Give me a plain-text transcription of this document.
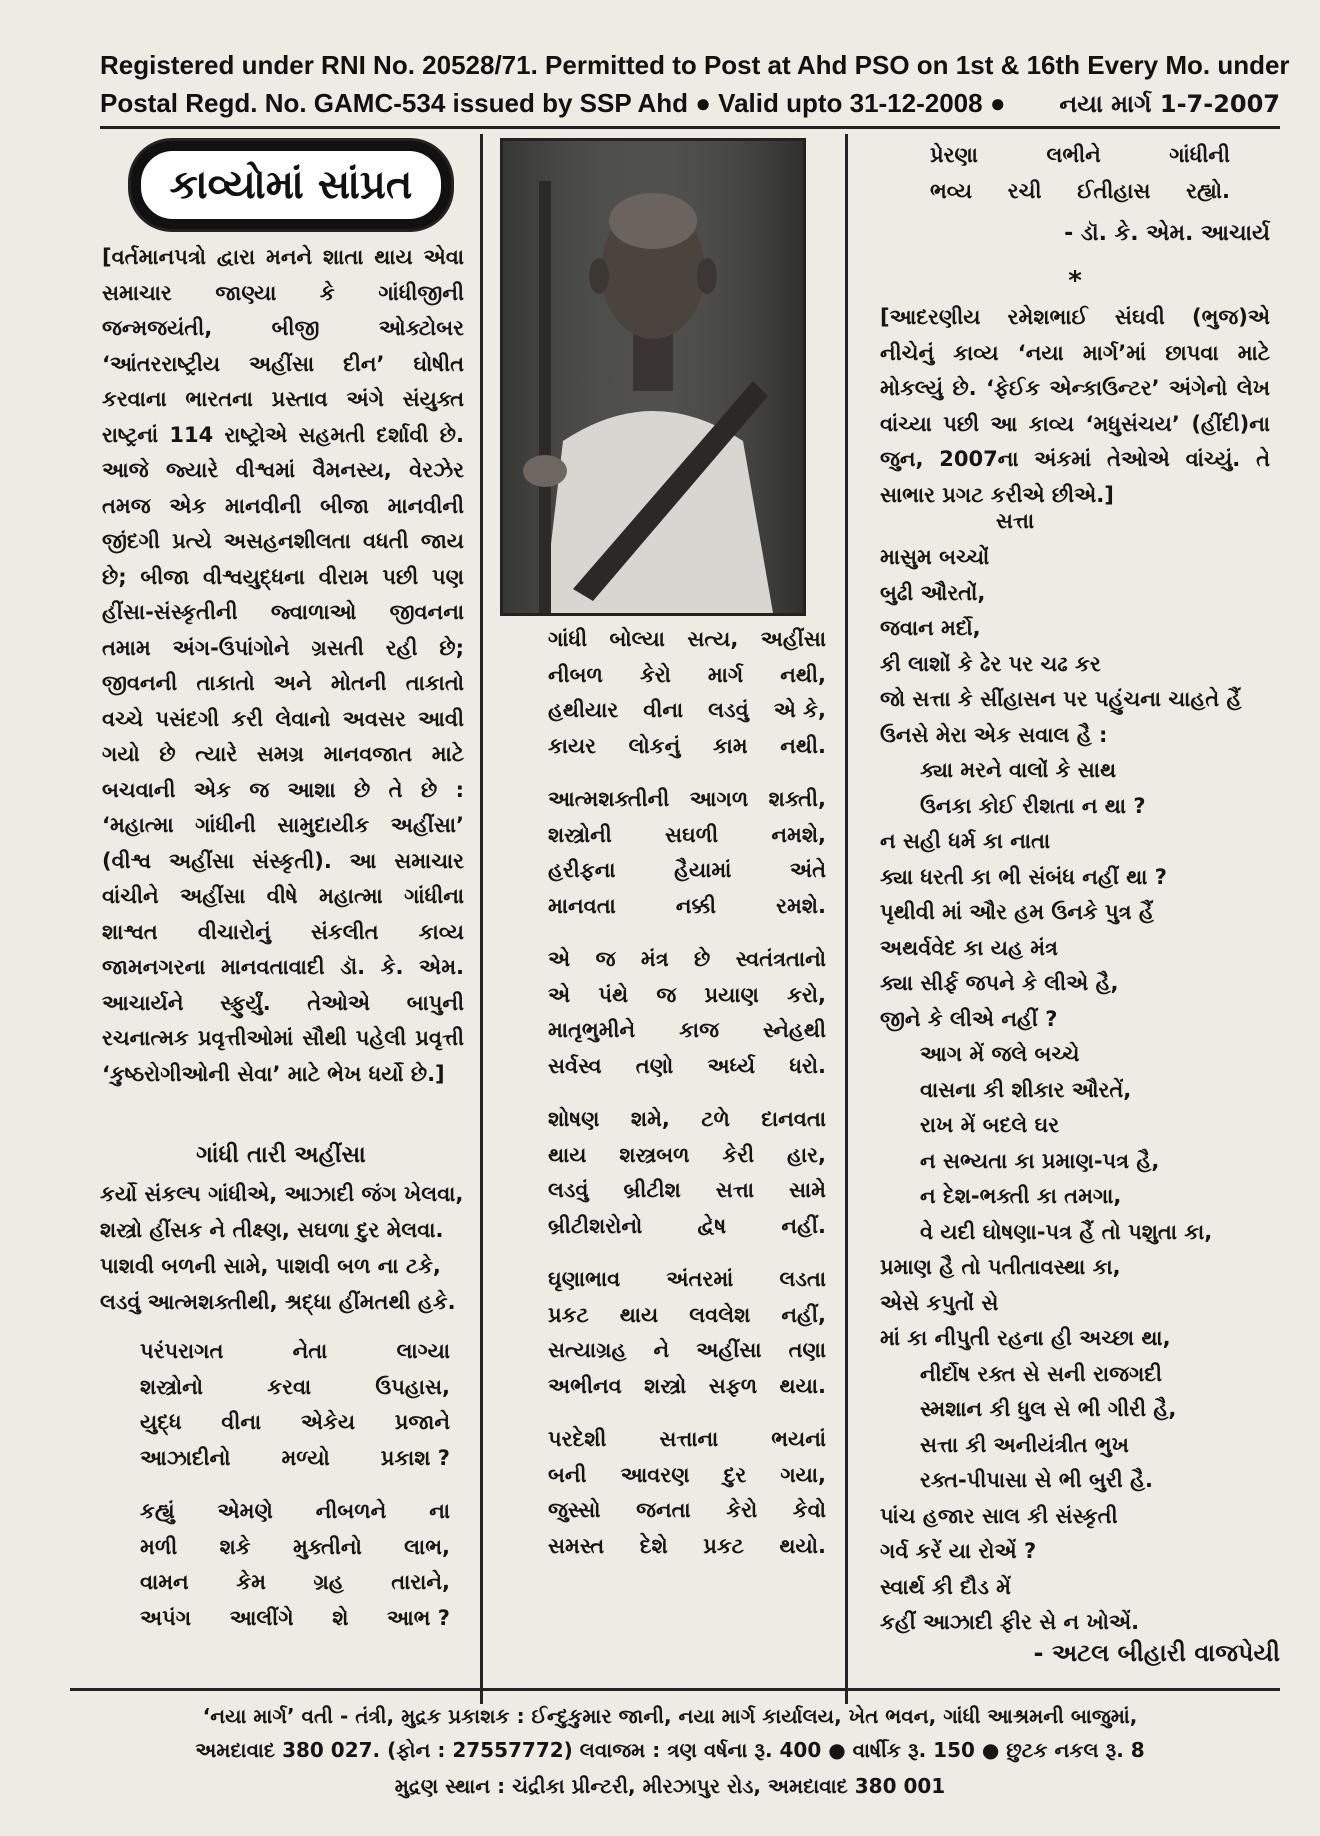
Registered under RNI No. 20528/71. Permitted to Post at Ahd PSO on 1st & 16th Every Mo. under
Postal Regd. No. GAMC-534 issued by SSP Ahd ● Valid upto 31-12-2008 ● નયા માર્ગ 1-7-2007
કાવ્યોમાં સાંપ્રત

[વર્તમાનપત્રો દ્વારા મનને શાતા થાય એવા સમાચાર જાણ્યા કે ગાંધીજીની જન્મજયંતી, બીજી ઓક્ટોબર ‘આંતરરાષ્ટ્રીય અહીંસા દીન’ ઘોષીત કરવાના ભારતના પ્રસ્તાવ અંગે સંયુક્ત રાષ્ટ્રનાં 114 રાષ્ટ્રોએ સહમતી દર્શાવી છે. આજે જ્યારે વીશ્વમાં વૈમનસ્ય, વેરઝેર તમજ એક માનવીની બીજા માનવીની જીંદગી પ્રત્યે અસહનશીલતા વધતી જાય છે; બીજા વીશ્વયુદ્ધના વીરામ પછી પણ હીંસા-સંસ્કૃતીની જ્વાળાઓ જીવનના તમામ અંગ-ઉપાંગોને ગ્રસતી રહી છે; જીવનની તાકાતો અને મોતની તાકાતો વચ્ચે પસંદગી કરી લેવાનો અવસર આવી ગયો છે ત્યારે સમગ્ર માનવજાત માટે બચવાની એક જ આશા છે તે છે : ‘મહાત્મા ગાંધીની સામુદાયીક અહીંસા’ (વીશ્વ અહીંસા સંસ્કૃતી). આ સમાચાર વાંચીને અહીંસા વીષે મહાત્મા ગાંધીના શાશ્વત વીચારોનું સંકલીત કાવ્ય જામનગરના માનવતાવાદી ડૉ. કે. એમ. આચાર્યને સ્ફુર્યું. તેઓએ બાપુની રચનાત્મક પ્રવૃત્તીઓમાં સૌથી પહેલી પ્રવૃત્તી ‘કુષ્ઠરોગીઓની સેવા’ માટે ભેખ ધર્યો છે.]

ગાંધી તારી અહીંસા
કર્યો સંકલ્પ ગાંધીએ, આઝાદી જંગ ખેલવા,
શસ્ત્રો હીંસક ને તીક્ષ્ણ, સઘળા દુર મેલવા.
પાશવી બળની સામે, પાશવી બળ ના ટકે,
લડવું આત્મશક્તીથી, શ્રદ્ધા હીંમતથી હકે.
પરંપરાગત	નેતા	લાગ્યા
શસ્ત્રોનો	કરવા	ઉપહાસ,
યુદ્ધ વીના એકેય પ્રજાને
આઝાદીનો મળ્યો પ્રકાશ ?
કહ્યું એમણે નીબળને ના
મળી શકે મુક્તીનો લાભ,
વામન કેમ ગ્રહ તારાને,
અપંગ આલીંગે શે આભ ?
ગાંધી બોલ્યા સત્ય, અહીંસા
નીબળ કેરો માર્ગ નથી,
હથીયાર વીના લડવું એ કે,
કાયર લોકનું કામ નથી.
આત્મશક્તીની આગળ શક્તી,
શસ્ત્રોની	સઘળી	નમશે,
હરીફના	હૈયામાં	અંતે
માનવતા	નક્કી	રમશે.
એ જ મંત્ર છે સ્વતંત્રતાનો
એ પંથે જ પ્રયાણ કરો,
માતૃભુમીને કાજ સ્નેહથી
સર્વસ્વ તણો અર્ધ્ય ધરો.
શોષણ શમે, ટળે દાનવતા
થાય શસ્ત્રબળ કેરી હાર,
લડવું બ્રીટીશ સત્તા સામે
બ્રીટીશરોનો	દ્વેષ	નહીં.
ઘૃણાભાવ અંતરમાં લડતા
પ્રકટ થાય લવલેશ નહીં,
સત્યાગ્રહ ને અહીંસા તણા
અભીનવ શસ્ત્રો સફળ થયા.
પરદેશી	સત્તાના	ભયનાં
બની આવરણ દુર ગયા,
જુસ્સો જનતા કેરો કેવો
સમસ્ત દેશે પ્રકટ થયો.
પ્રેરણા	લભીને	ગાંધીની
ભવ્ય રચી ઈતીહાસ રહ્યો.
- ડૉ. કે. એમ. આચાર્ય
*
[આદરણીય રમેશભાઈ સંઘવી (ભુજ)એ નીચેનું કાવ્ય ‘નયા માર્ગ’માં છાપવા માટે મોકલ્યું છે. ‘ફેઈક એન્કાઉન્ટર’ અંગેનો લેખ વાંચ્યા પછી આ કાવ્ય ‘મધુસંચય’ (હીંદી)ના જુન, 2007ના અંકમાં તેઓએ વાંચ્યું. તે સાભાર પ્રગટ કરીએ છીએ.]
સત્તા
માસુમ બચ્ચોં
બુઢી ઔરતોં,
જવાન મર્દો,
કી લાશોં કે ઢેર પર ચઢ કર
જો સત્તા કે સીંહાસન પર પહુંચના ચાહતે હૈં
ઉનસે મેરા એક સવાલ હૈ :
ક્યા મરને વાલોં કે સાથ
ઉનકા કોઈ રીશતા ન થા ?
ન સહી ધર્મ કા નાતા
ક્યા ધરતી કા ભી સંબંધ નહીં થા ?
પૃથીવી માં ઔર હમ ઉનકે પુત્ર હૈં
અથર્વવેદ કા યહ મંત્ર
ક્યા સીર્ફ જપને કે લીએ હૈ,
જીને કે લીએ નહીં ?
આગ મેં જલે બચ્ચે
વાસના કી શીકાર ઔરતેં,
રાખ મેં બદલે ઘર
ન સભ્યતા કા પ્રમાણ-પત્ર હૈ,
ન દેશ-ભક્તી કા તમગા,
વે યદી ઘોષણા-પત્ર હૈં તો પશુતા કા,
પ્રમાણ હૈ તો પતીતાવસ્થા કા,
એસે કપુતોં સે
માં કા નીપુતી રહના હી અચ્છા થા,
નીર્દોષ રક્ત સે સની રાજગદી
સ્મશાન કી ધુલ સે ભી ગીરી હૈ,
સત્તા કી અનીયંત્રીત ભુખ
રક્ત-પીપાસા સે ભી બુરી હૈ.
પાંચ હજાર સાલ કી સંસ્કૃતી
ગર્વ કરેં યા રોએં ?
સ્વાર્થ કી દૌડ મેં
કહીં આઝાદી ફીર સે ન ખોએં.
- અટલ બીહારી વાજપેયી
‘નયા માર્ગ’ વતી - તંત્રી, મુદ્રક પ્રકાશક : ઈન્દુકુમાર જાની, નયા માર્ગ કાર્યાલય, ખેત ભવન, ગાંધી આશ્રમની બાજુમાં,
અમદાવાદ 380 027. (ફોન : 27557772) લવાજમ : ત્રણ વર્ષના રૂ. 400 ● વાર્ષીક રૂ. 150 ● છુટક નકલ રૂ. 8
મુદ્રણ સ્થાન : ચંદ્રીકા પ્રીન્ટરી, મીરઝાપુર રોડ, અમદાવાદ 380 001
